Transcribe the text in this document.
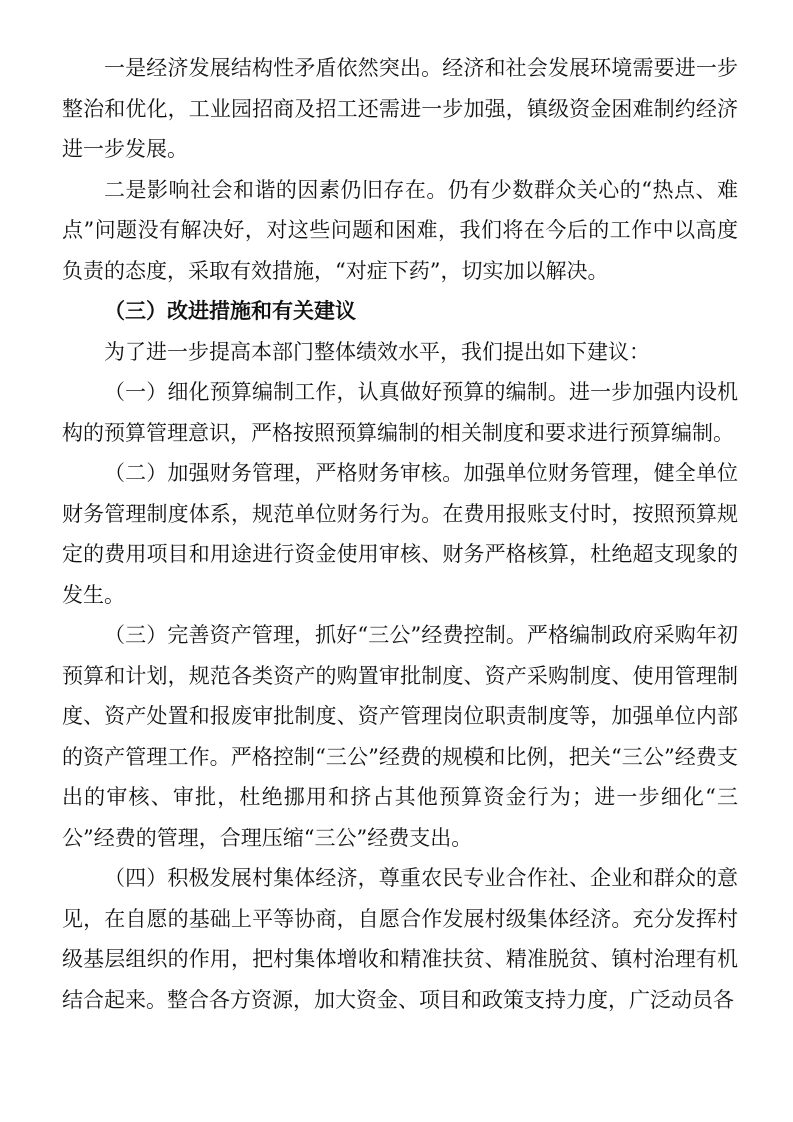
一是经济发展结构性矛盾依然突出。经济和社会发展环境需要进一步整治和优化，工业园招商及招工还需进一步加强，镇级资金困难制约经济进一步发展。

二是影响社会和谐的因素仍旧存在。仍有少数群众关心的“热点、难点”问题没有解决好，对这些问题和困难，我们将在今后的工作中以高度负责的态度，采取有效措施，“对症下药”，切实加以解决。

（三）改进措施和有关建议

为了进一步提高本部门整体绩效水平，我们提出如下建议：

（一）细化预算编制工作，认真做好预算的编制。进一步加强内设机构的预算管理意识，严格按照预算编制的相关制度和要求进行预算编制。

（二）加强财务管理，严格财务审核。加强单位财务管理，健全单位财务管理制度体系，规范单位财务行为。在费用报账支付时，按照预算规定的费用项目和用途进行资金使用审核、财务严格核算，杜绝超支现象的发生。

（三）完善资产管理，抓好“三公”经费控制。严格编制政府采购年初预算和计划，规范各类资产的购置审批制度、资产采购制度、使用管理制度、资产处置和报废审批制度、资产管理岗位职责制度等，加强单位内部的资产管理工作。严格控制“三公”经费的规模和比例，把关“三公”经费支出的审核、审批，杜绝挪用和挤占其他预算资金行为；进一步细化“三公”经费的管理，合理压缩“三公”经费支出。

（四）积极发展村集体经济，尊重农民专业合作社、企业和群众的意见，在自愿的基础上平等协商，自愿合作发展村级集体经济。充分发挥村级基层组织的作用，把村集体增收和精准扶贫、精准脱贫、镇村治理有机结合起来。整合各方资源，加大资金、项目和政策支持力度，广泛动员各
